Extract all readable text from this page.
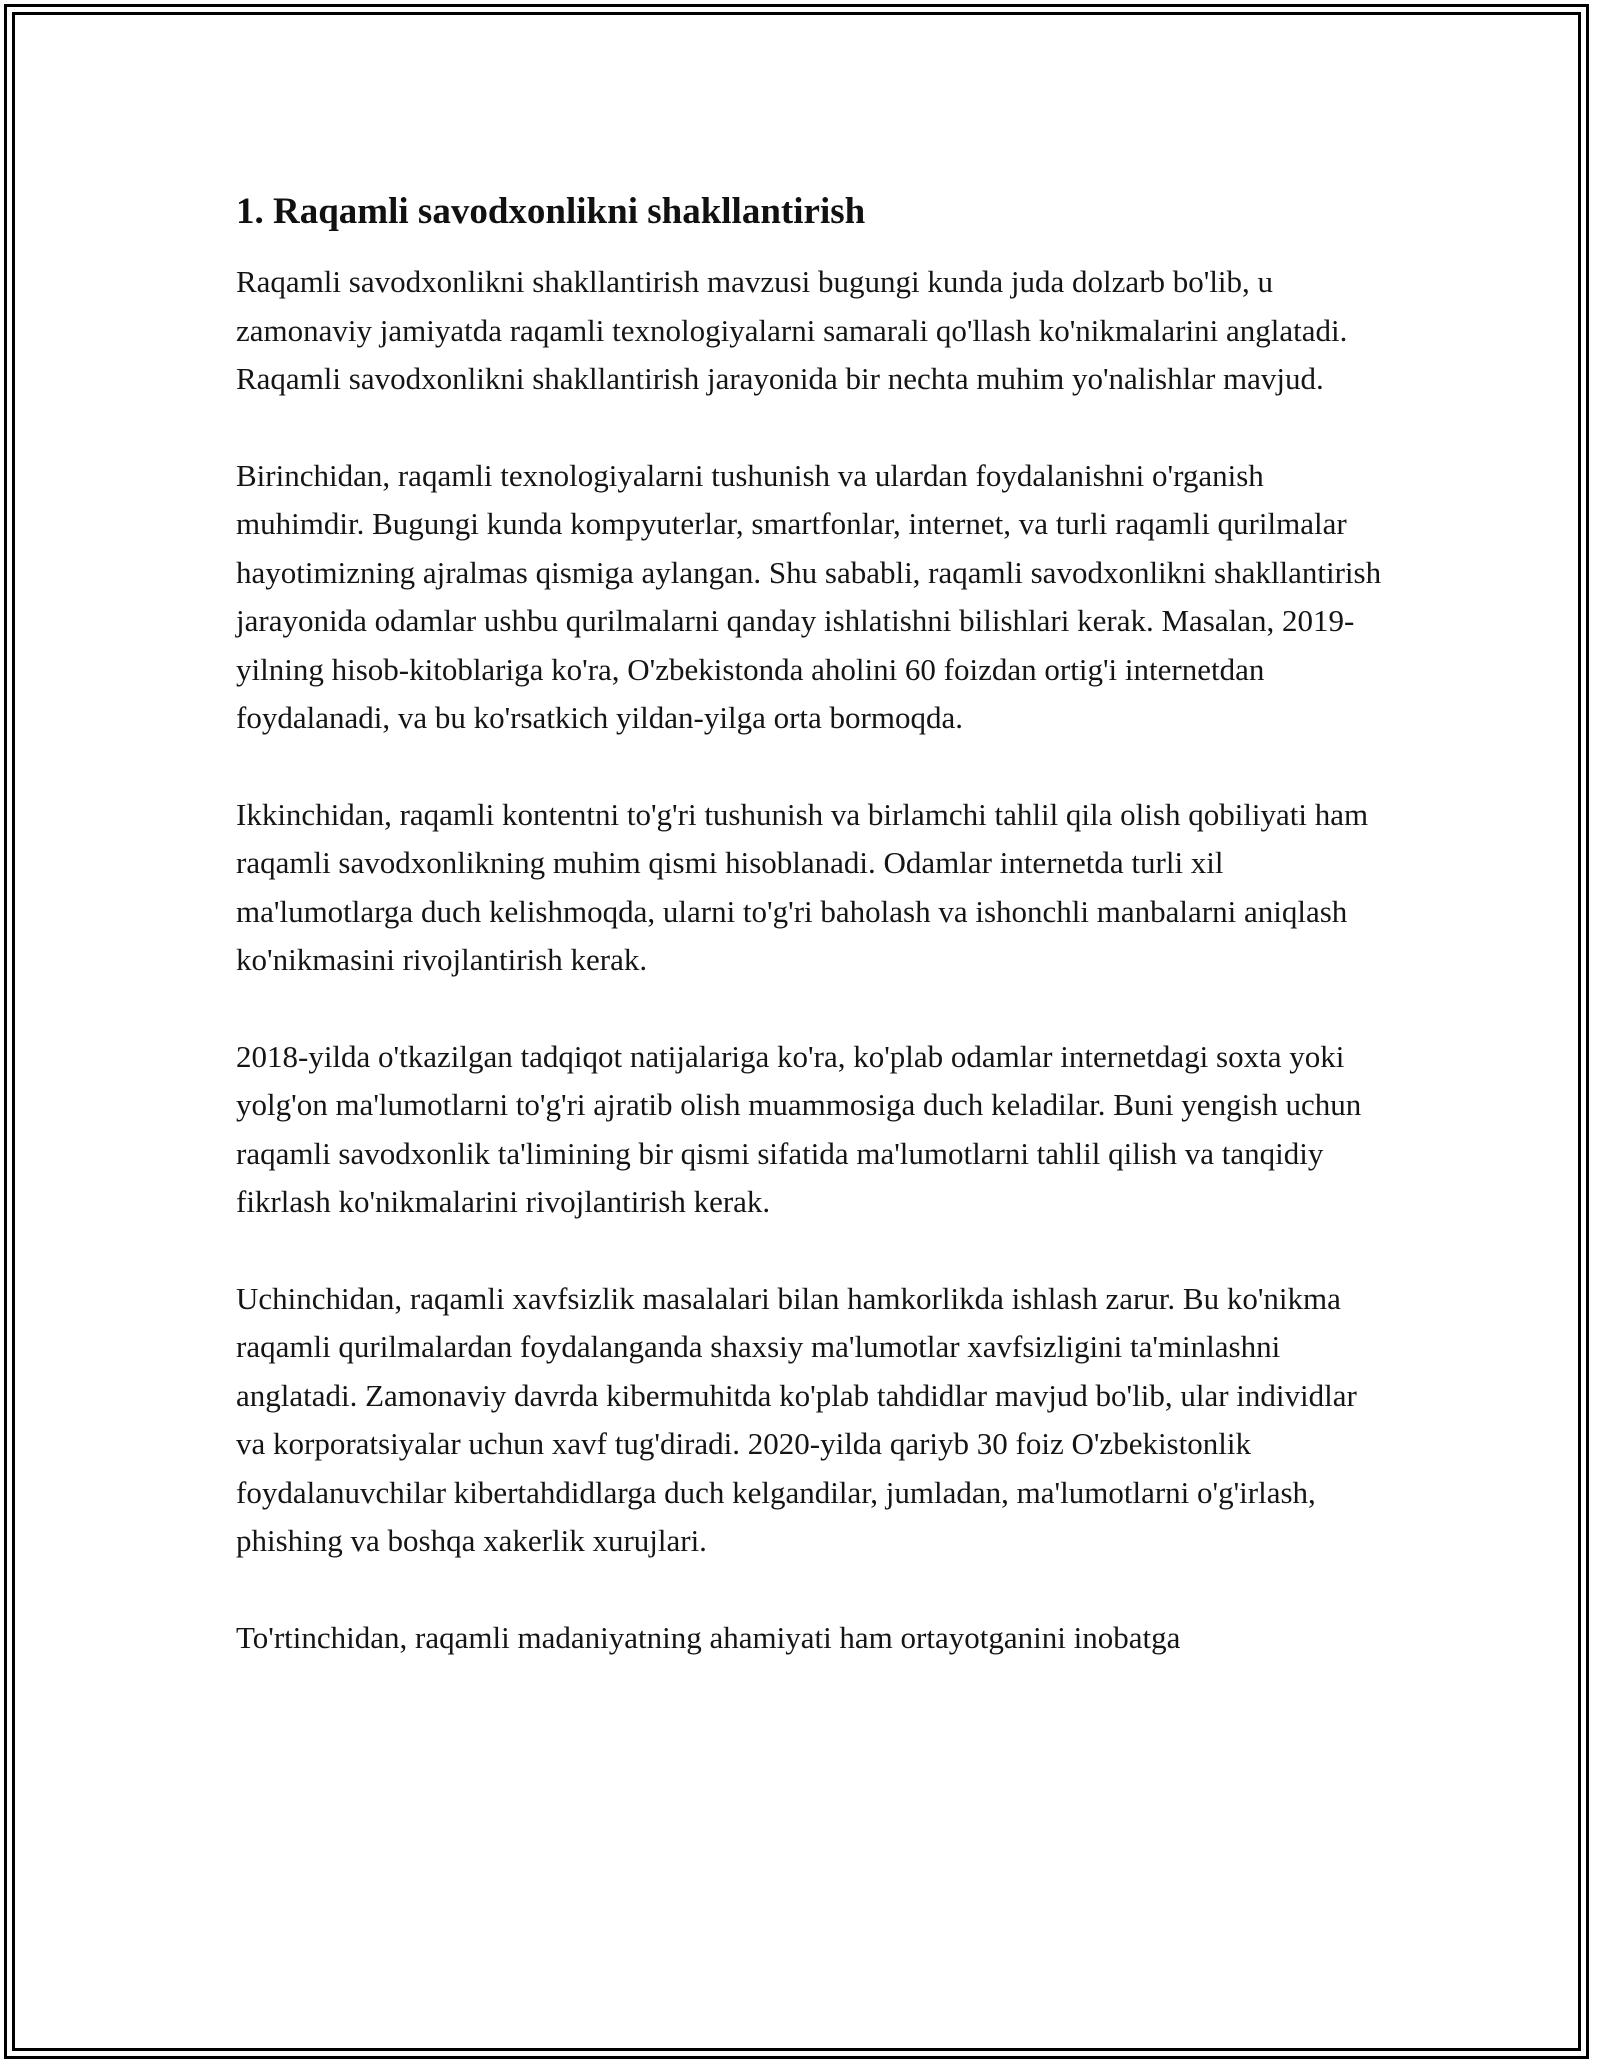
1. Raqamli savodxonlikni shakllantirish

Raqamli savodxonlikni shakllantirish mavzusi bugungi kunda juda dolzarb bo'lib, u zamonaviy jamiyatda raqamli texnologiyalarni samarali qo'llash ko'nikmalarini anglatadi. Raqamli savodxonlikni shakllantirish jarayonida bir nechta muhim yo'nalishlar mavjud.

Birinchidan, raqamli texnologiyalarni tushunish va ulardan foydalanishni o'rganish muhimdir. Bugungi kunda kompyuterlar, smartfonlar, internet, va turli raqamli qurilmalar hayotimizning ajralmas qismiga aylangan. Shu sababli, raqamli savodxonlikni shakllantirish jarayonida odamlar ushbu qurilmalarni qanday ishlatishni bilishlari kerak. Masalan, 2019-yilning hisob-kitoblariga ko'ra, O'zbekistonda aholini 60 foizdan ortig'i internetdan foydalanadi, va bu ko'rsatkich yildan-yilga orta bormoqda.

Ikkinchidan, raqamli kontentni to'g'ri tushunish va birlamchi tahlil qila olish qobiliyati ham raqamli savodxonlikning muhim qismi hisoblanadi. Odamlar internetda turli xil ma'lumotlarga duch kelishmoqda, ularni to'g'ri baholash va ishonchli manbalarni aniqlash ko'nikmasini rivojlantirish kerak.

2018-yilda o'tkazilgan tadqiqot natijalariga ko'ra, ko'plab odamlar internetdagi soxta yoki yolg'on ma'lumotlarni to'g'ri ajratib olish muammosiga duch keladilar. Buni yengish uchun raqamli savodxonlik ta'limining bir qismi sifatida ma'lumotlarni tahlil qilish va tanqidiy fikrlash ko'nikmalarini rivojlantirish kerak.

Uchinchidan, raqamli xavfsizlik masalalari bilan hamkorlikda ishlash zarur. Bu ko'nikma raqamli qurilmalardan foydalanganda shaxsiy ma'lumotlar xavfsizligini ta'minlashni anglatadi. Zamonaviy davrda kibermuhitda ko'plab tahdidlar mavjud bo'lib, ular individlar va korporatsiyalar uchun xavf tug'diradi. 2020-yilda qariyb 30 foiz O'zbekistonlik foydalanuvchilar kibertahdidlarga duch kelgandilar, jumladan, ma'lumotlarni o'g'irlash, phishing va boshqa xakerlik xurujlari.

To'rtinchidan, raqamli madaniyatning ahamiyati ham ortayotganini inobatga
